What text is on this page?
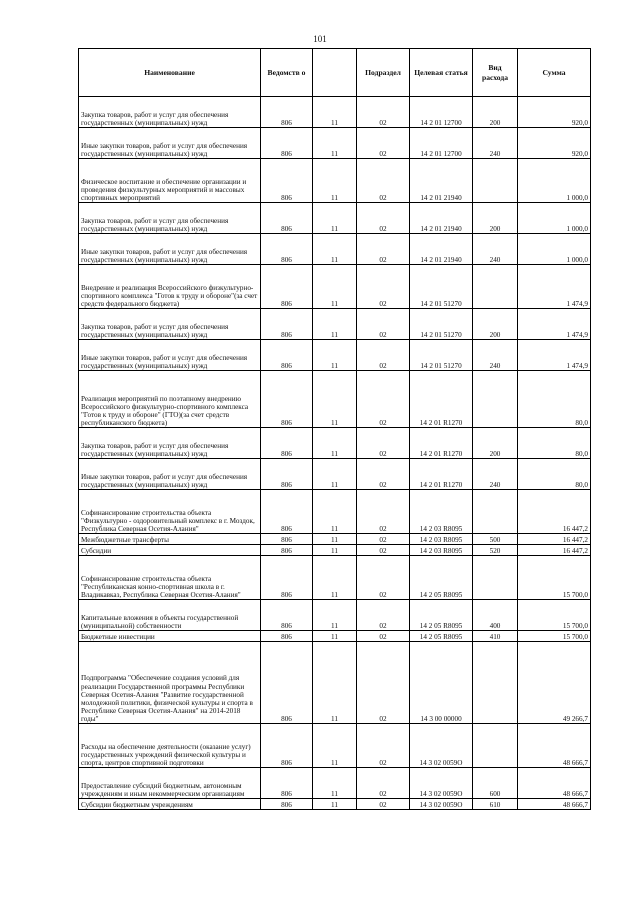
101
Наименование	Ведомств о		Подраздел	Целевая статья	Вид расхода	Сумма
Закупка товаров, работ и услуг для обеспечения государственных (муниципальных) нужд	806	11	02	14 2 01 12700	200	920,0
Иные закупки товаров, работ и услуг для обеспечения государственных (муниципальных) нужд	806	11	02	14 2 01 12700	240	920,0
Физическое воспитание и обеспечение организации и проведения физкультурных мероприятий и массовых спортивных мероприятий	806	11	02	14 2 01 21940		1 000,0
Закупка товаров, работ и услуг для обеспечения государственных (муниципальных) нужд	806	11	02	14 2 01 21940	200	1 000,0
Иные закупки товаров, работ и услуг для обеспечения государственных (муниципальных) нужд	806	11	02	14 2 01 21940	240	1 000,0
Внедрение и реализация Всероссийского физкультурно-спортивного комплекса "Готов к труду и обороне"(за счет средств федерального бюджета)	806	11	02	14 2 01 51270		1 474,9
Закупка товаров, работ и услуг для обеспечения государственных (муниципальных) нужд	806	11	02	14 2 01 51270	200	1 474,9
Иные закупки товаров, работ и услуг для обеспечения государственных (муниципальных) нужд	806	11	02	14 2 01 51270	240	1 474,9
Реализация мероприятий по поэтапному внедрению Всероссийского физкультурно-спортивного комплекса "Готов к труду и обороне" (ГТО)(за счет средств республиканского бюджета)	806	11	02	14 2 01 R1270		80,0
Закупка товаров, работ и услуг для обеспечения государственных (муниципальных) нужд	806	11	02	14 2 01 R1270	200	80,0
Иные закупки товаров, работ и услуг для обеспечения государственных (муниципальных) нужд	806	11	02	14 2 01 R1270	240	80,0
Софинансирование строительства объекта "Физкультурно - оздоровительный комплекс в г. Моздок, Республика Северная Осетия-Алания"	806	11	02	14 2 03 R8095		16 447,2
Межбюджетные трансферты	806	11	02	14 2 03 R8095	500	16 447,2
Субсидии	806	11	02	14 2 03 R8095	520	16 447,2
Софинансирование строительства объекта "Республиканская конно-спортивная школа в г. Владикавказ, Республика Северная Осетия-Алания"	806	11	02	14 2 05 R8095		15 700,0
Капитальные вложения в объекты государственной (муниципальной) собственности	806	11	02	14 2 05 R8095	400	15 700,0
Бюджетные инвестиции	806	11	02	14 2 05 R8095	410	15 700,0
Подпрограмма "Обеспечение создания условий для реализации Государственной программы Республики Северная Осетия-Алания "Развитие государственной молодежной политики, физической культуры и спорта в Республике Северная Осетия-Алания" на 2014-2018 годы"	806	11	02	14 3 00 00000		49 266,7
Расходы на обеспечение деятельности (оказание услуг) государственных учреждений физической культуры и спорта, центров спортивной подготовки	806	11	02	14 3 02 0059О		48 666,7
Предоставление субсидий бюджетным, автономным учреждениям и иным некоммерческим организациям	806	11	02	14 3 02 0059О	600	48 666,7
Субсидии бюджетным учреждениям	806	11	02	14 3 02 0059О	610	48 666,7
